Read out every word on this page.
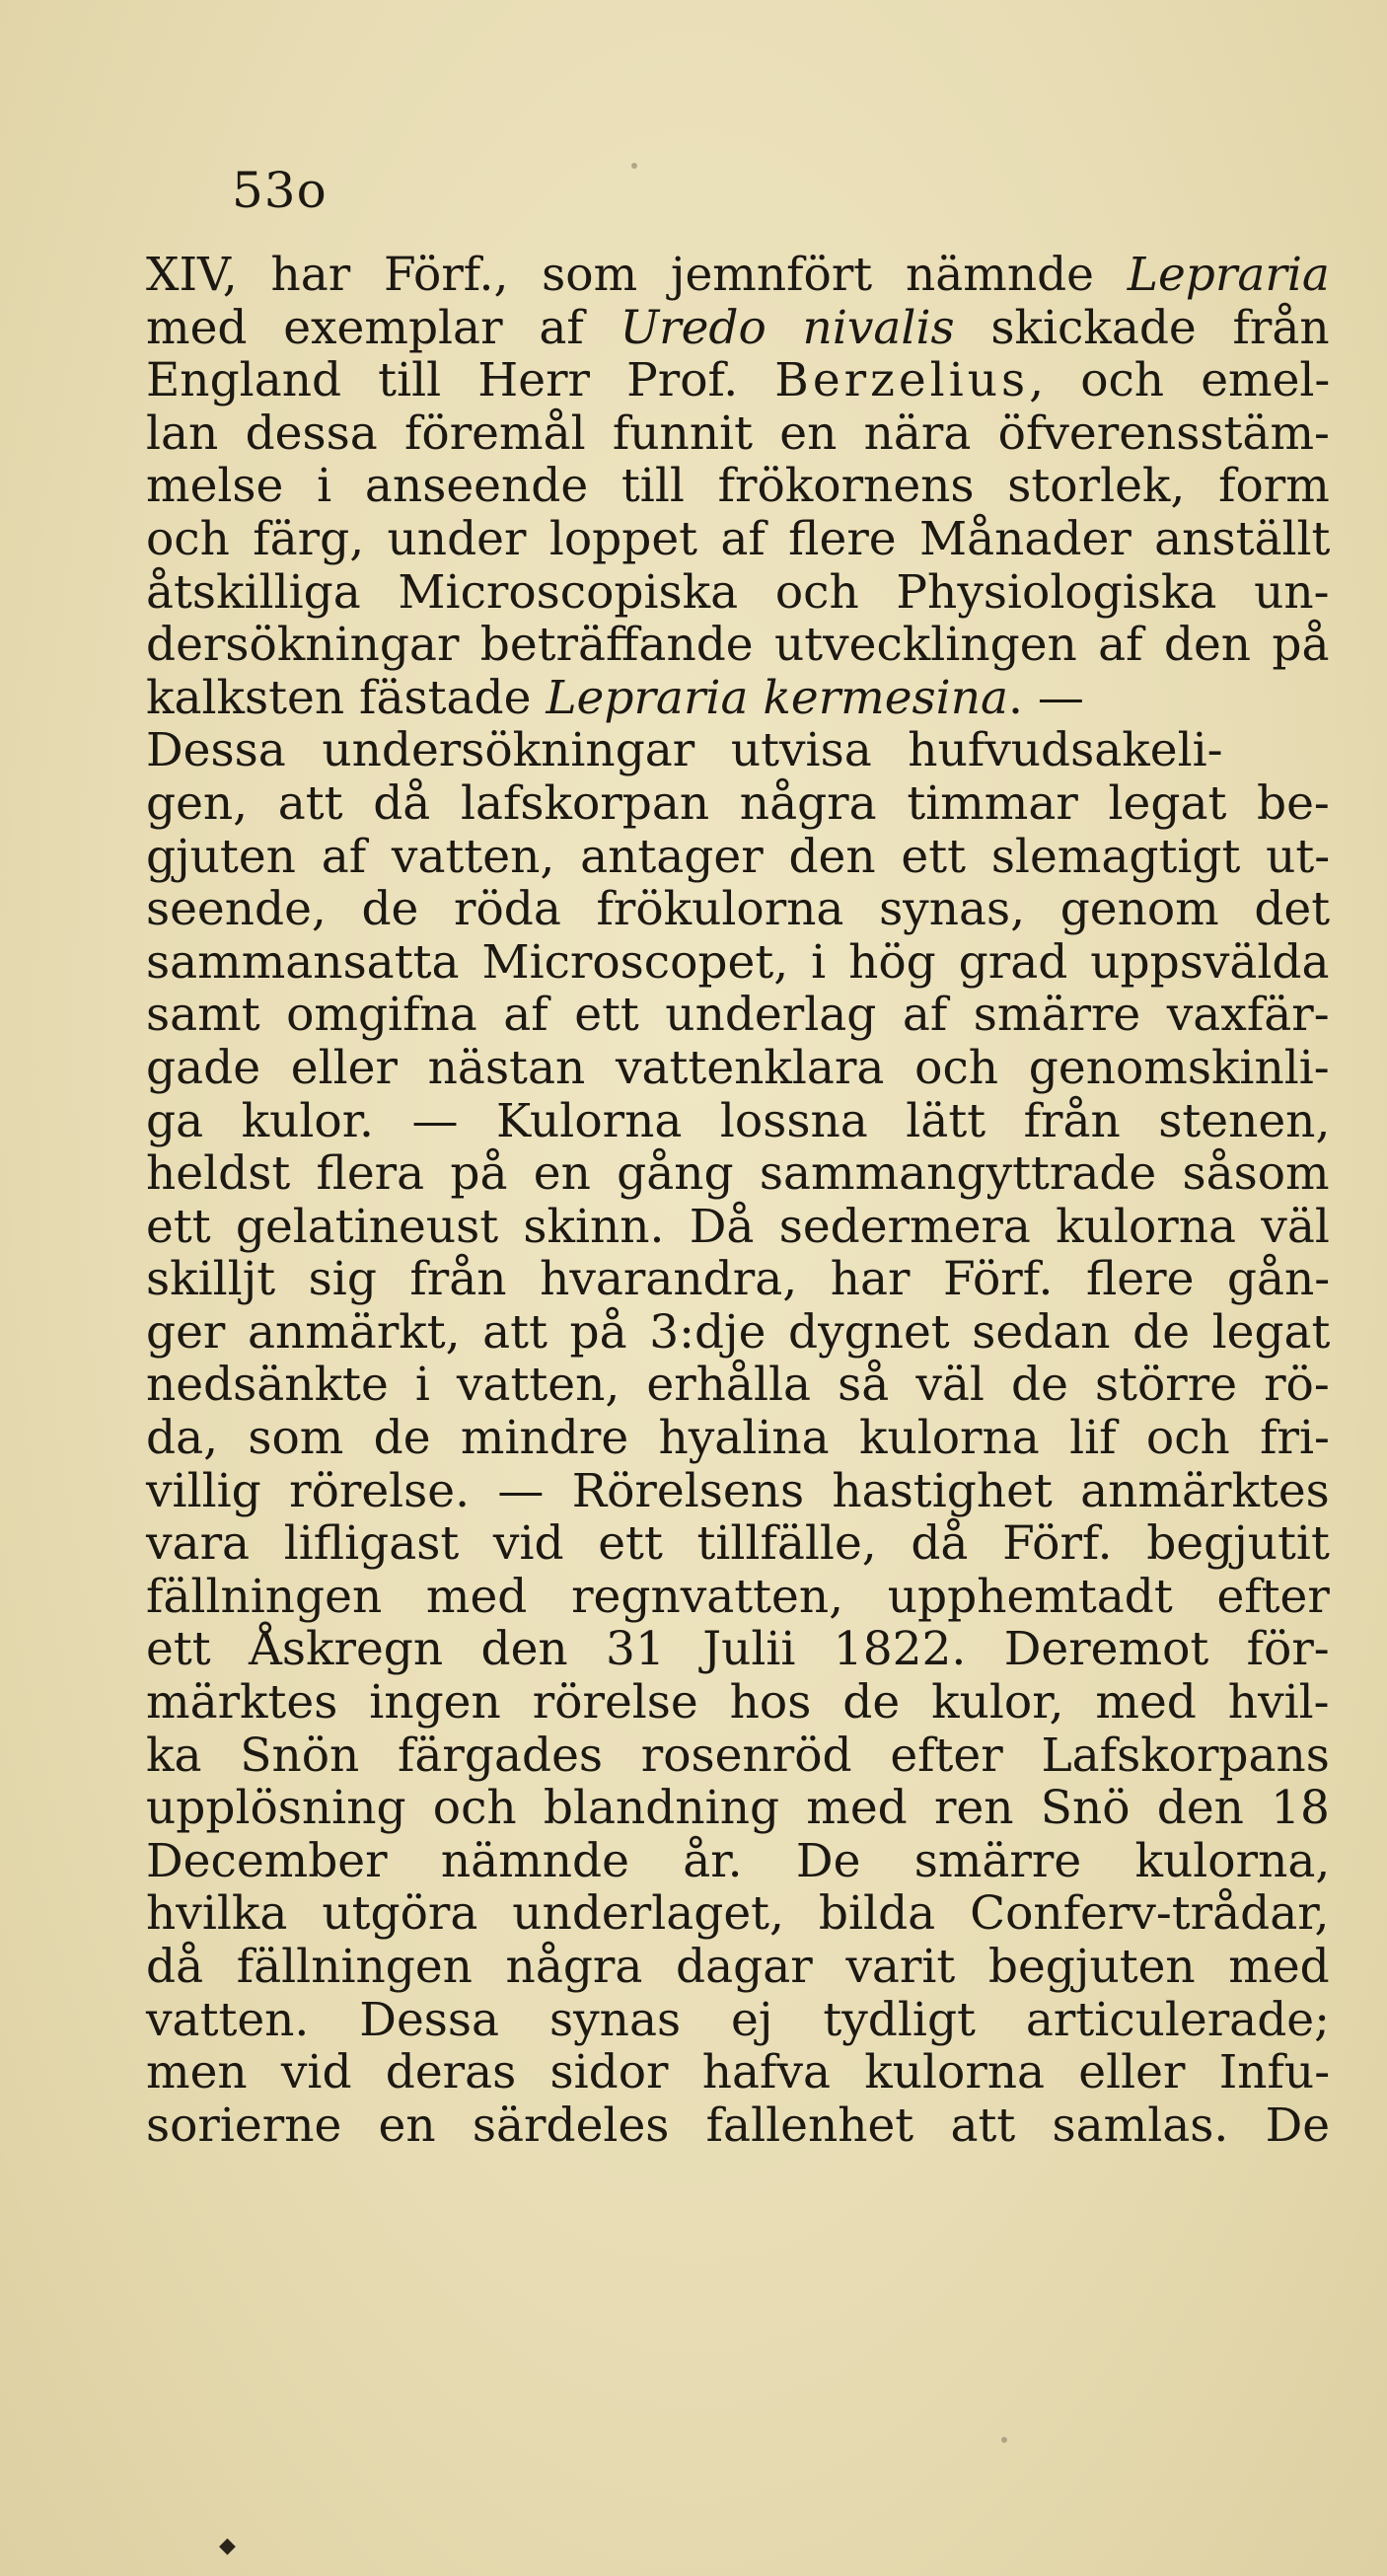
53o
XIV, har Förf., som jemnfört nämnde Lepraria
med exemplar af Uredo nivalis skickade från
England till Herr Prof. Berzelius, och emel-
lan dessa föremål funnit en nära öfverensstäm-
melse i anseende till frökornens storlek, form
och färg, under loppet af flere Månader anställt
åtskilliga Microscopiska och Physiologiska un-
dersökningar beträffande utvecklingen af den på
kalksten fästade Lepraria kermesina. —
Dessa undersökningar utvisa hufvudsakeli-
gen, att då lafskorpan några timmar legat be-
gjuten af vatten, antager den ett slemagtigt ut-
seende, de röda frökulorna synas, genom det
sammansatta Microscopet, i hög grad uppsvälda
samt omgifna af ett underlag af smärre vaxfär-
gade eller nästan vattenklara och genomskinli-
ga kulor. — Kulorna lossna lätt från stenen,
heldst flera på en gång sammangyttrade såsom
ett gelatineust skinn. Då sedermera kulorna väl
skilljt sig från hvarandra, har Förf. flere gån-
ger anmärkt, att på 3:dje dygnet sedan de legat
nedsänkte i vatten, erhålla så väl de större rö-
da, som de mindre hyalina kulorna lif och fri-
villig rörelse. — Rörelsens hastighet anmärktes
vara lifligast vid ett tillfälle, då Förf. begjutit
fällningen med regnvatten, upphemtadt efter
ett Åskregn den 31 Julii 1822. Deremot för-
märktes ingen rörelse hos de kulor, med hvil-
ka Snön färgades rosenröd efter Lafskorpans
upplösning och blandning med ren Snö den 18
December nämnde år. De smärre kulorna,
hvilka utgöra underlaget, bilda Conferv-trådar,
då fällningen några dagar varit begjuten med
vatten. Dessa synas ej tydligt articulerade;
men vid deras sidor hafva kulorna eller Infu-
sorierne en särdeles fallenhet att samlas. De
◆
